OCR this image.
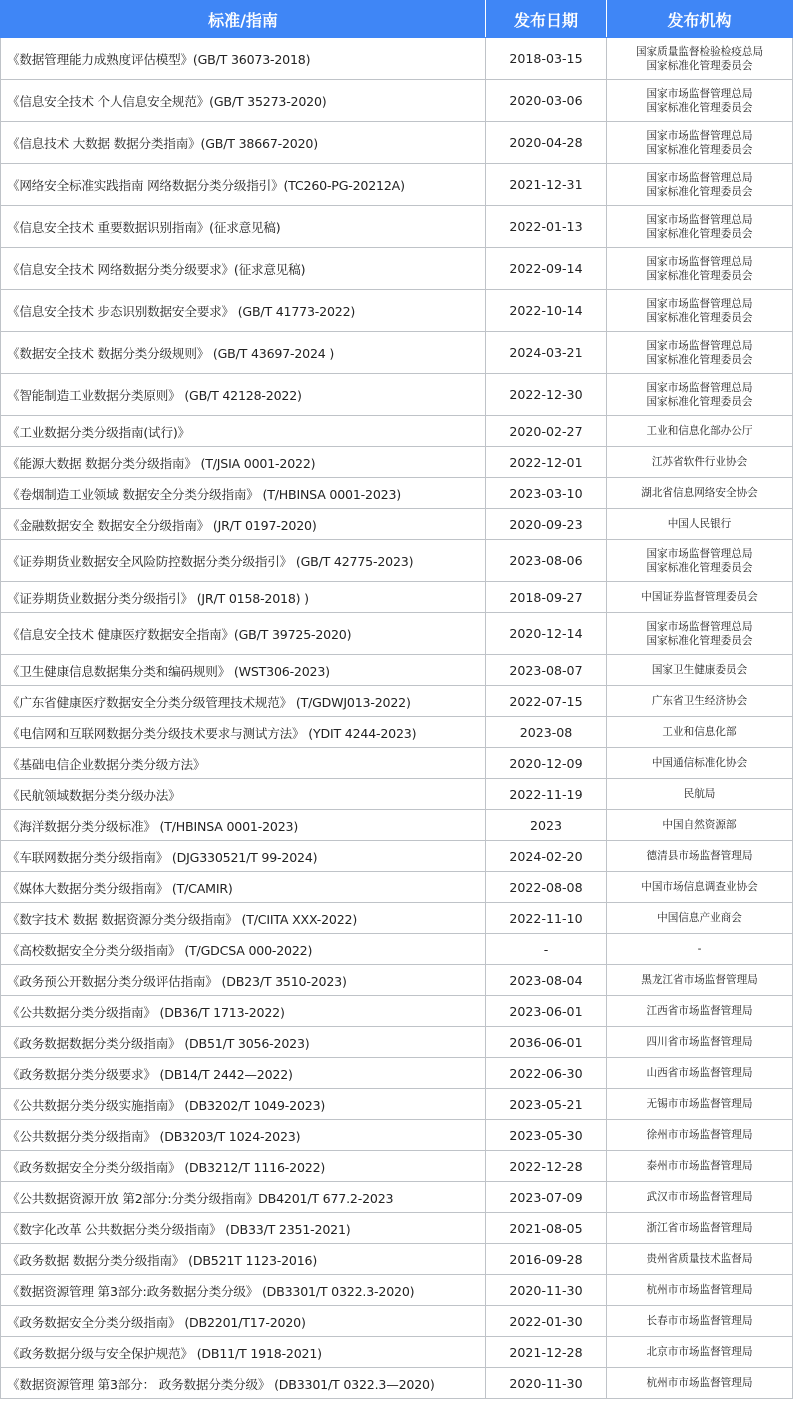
标准/指南	发布日期	发布机构
《数据管理能力成熟度评估模型》(GB/T 36073-2018)	2018-03-15	国家质量监督检验检疫总局
国家标准化管理委员会

《信息安全技术 个人信息安全规范》(GB/T 35273-2020)	2020-03-06	国家市场监督管理总局
国家标准化管理委员会

《信息技术 大数据 数据分类指南》(GB/T 38667-2020)	2020-04-28	国家市场监督管理总局
国家标准化管理委员会

《网络安全标准实践指南 网络数据分类分级指引》(TC260-PG-20212A)	2021-12-31	国家市场监督管理总局
国家标准化管理委员会

《信息安全技术 重要数据识别指南》(征求意见稿)	2022-01-13	国家市场监督管理总局
国家标准化管理委员会

《信息安全技术 网络数据分类分级要求》(征求意见稿)	2022-09-14	国家市场监督管理总局
国家标准化管理委员会

《信息安全技术 步态识别数据安全要求》 (GB/T 41773-2022)	2022-10-14	国家市场监督管理总局
国家标准化管理委员会

《数据安全技术 数据分类分级规则》 (GB/T 43697-2024 )	2024-03-21	国家市场监督管理总局
国家标准化管理委员会

《智能制造工业数据分类原则》 (GB/T 42128-2022)	2022-12-30	国家市场监督管理总局
国家标准化管理委员会

《工业数据分类分级指南(试行)》	2020-02-27	工业和信息化部办公厅

《能源大数据 数据分类分级指南》 (T/JSIA 0001-2022)	2022-12-01	江苏省软件行业协会

《卷烟制造工业领域 数据安全分类分级指南》 (T/HBINSA 0001-2023)	2023-03-10	湖北省信息网络安全协会

《金融数据安全 数据安全分级指南》 (JR/T 0197-2020)	2020-09-23	中国人民银行

《证券期货业数据安全风险防控数据分类分级指引》 (GB/T 42775-2023)	2023-08-06	国家市场监督管理总局
国家标准化管理委员会

《证券期货业数据分类分级指引》 (JR/T 0158-2018) )	2018-09-27	中国证券监督管理委员会

《信息安全技术 健康医疗数据安全指南》(GB/T 39725-2020)	2020-12-14	国家市场监督管理总局
国家标准化管理委员会

《卫生健康信息数据集分类和编码规则》 (WST306-2023)	2023-08-07	国家卫生健康委员会

《广东省健康医疗数据安全分类分级管理技术规范》 (T/GDWJ013-2022)	2022-07-15	广东省卫生经济协会

《电信网和互联网数据分类分级技术要求与测试方法》 (YDIT 4244-2023)	2023-08	工业和信息化部

《基础电信企业数据分类分级方法》	2020-12-09	中国通信标准化协会

《民航领域数据分类分级办法》	2022-11-19	民航局

《海洋数据分类分级标准》 (T/HBINSA 0001-2023)	2023	中国自然资源部

《车联网数据分类分级指南》 (DJG330521/T 99-2024)	2024-02-20	德清县市场监督管理局

《媒体大数据分类分级指南》 (T/CAMIR)	2022-08-08	中国市场信息调查业协会

《数字技术 数据 数据资源分类分级指南》 (T/CIITA XXX-2022)	2022-11-10	中国信息产业商会

《高校数据安全分类分级指南》 (T/GDCSA 000-2022)	-	-

《政务预公开数据分类分级评估指南》 (DB23/T 3510-2023)	2023-08-04	黑龙江省市场监督管理局

《公共数据分类分级指南》 (DB36/T 1713-2022)	2023-06-01	江西省市场监督管理局

《政务数据数据分类分级指南》 (DB51/T 3056-2023)	2036-06-01	四川省市场监督管理局

《政务数据分类分级要求》 (DB14/T 2442—2022)	2022-06-30	山西省市场监督管理局

《公共数据分类分级实施指南》 (DB3202/T 1049-2023)	2023-05-21	无锡市市场监督管理局

《公共数据分类分级指南》 (DB3203/T 1024-2023)	2023-05-30	徐州市市场监督管理局

《政务数据安全分类分级指南》 (DB3212/T 1116-2022)	2022-12-28	泰州市市场监督管理局

《公共数据资源开放 第2部分:分类分级指南》DB4201/T 677.2-2023	2023-07-09	武汉市市场监督管理局

《数字化改革 公共数据分类分级指南》 (DB33/T 2351-2021)	2021-08-05	浙江省市场监督管理局

《政务数据 数据分类分级指南》 (DB521T 1123-2016)	2016-09-28	贵州省质量技术监督局

《数据资源管理 第3部分:政务数据分类分级》 (DB3301/T 0322.3-2020)	2020-11-30	杭州市市场监督管理局

《政务数据安全分类分级指南》 (DB2201/T17-2020)	2022-01-30	长春市市场监督管理局

《政务数据分级与安全保护规范》 (DB11/T 1918-2021)	2021-12-28	北京市市场监督管理局

《数据资源管理 第3部分： 政务数据分类分级》 (DB3301/T 0322.3—2020)	2020-11-30	杭州市市场监督管理局
